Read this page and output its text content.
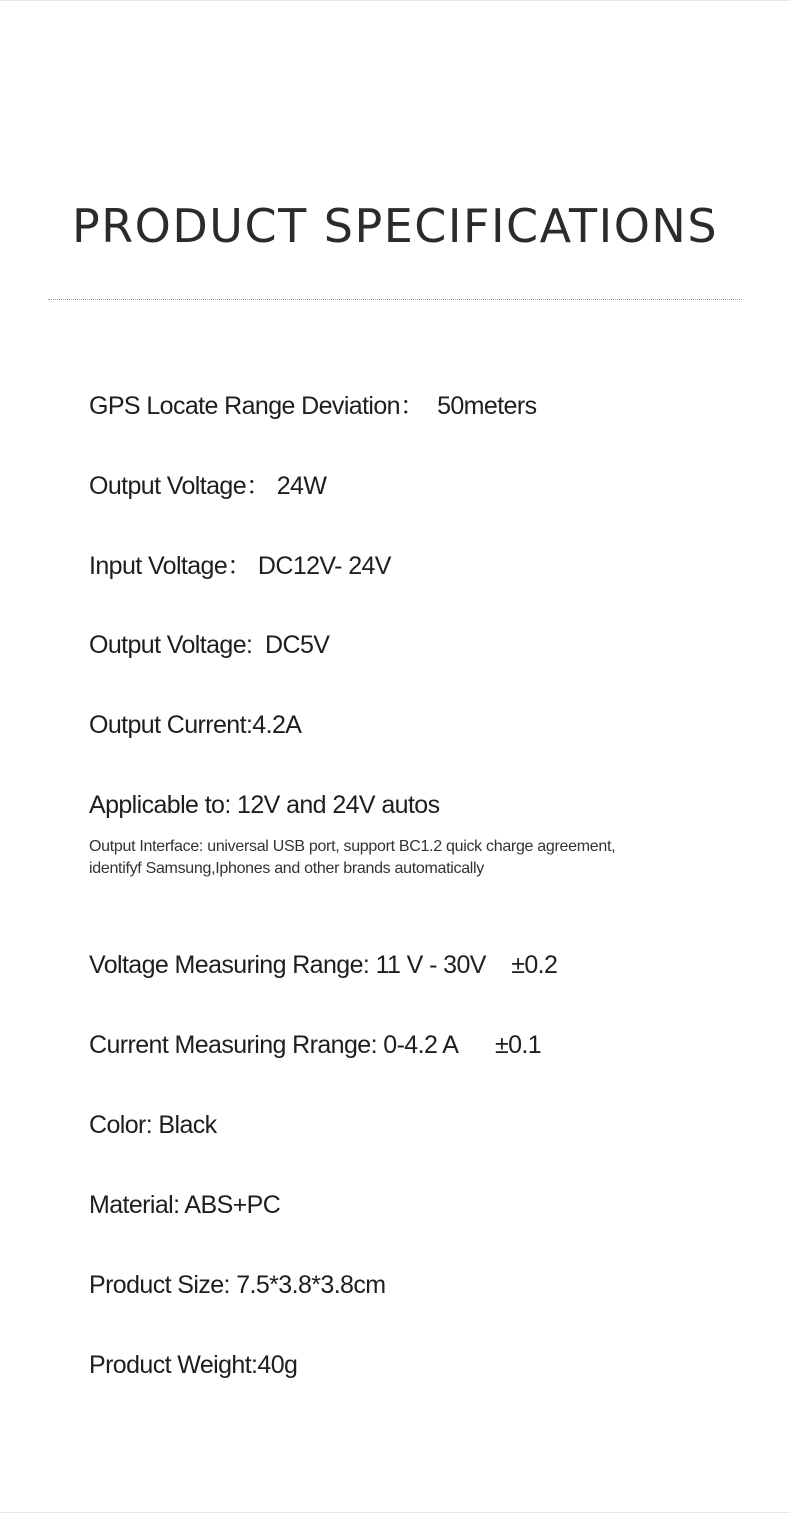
PRODUCT SPECIFICATIONS
GPS Locate Range Deviation：  50meters
Output Voltage： 24W
Input Voltage： DC12V- 24V
Output Voltage:  DC5V
Output Current:4.2A
Applicable to: 12V and 24V autos
Output Interface: universal USB port, support BC1.2 quick charge agreement,
identifyf Samsung,Iphones and other brands automatically
Voltage Measuring Range: 11 V - 30V    ±0.2
Current Measuring Rrange: 0-4.2 A      ±0.1
Color: Black
Material: ABS+PC
Product Size: 7.5*3.8*3.8cm
Product Weight:40g
